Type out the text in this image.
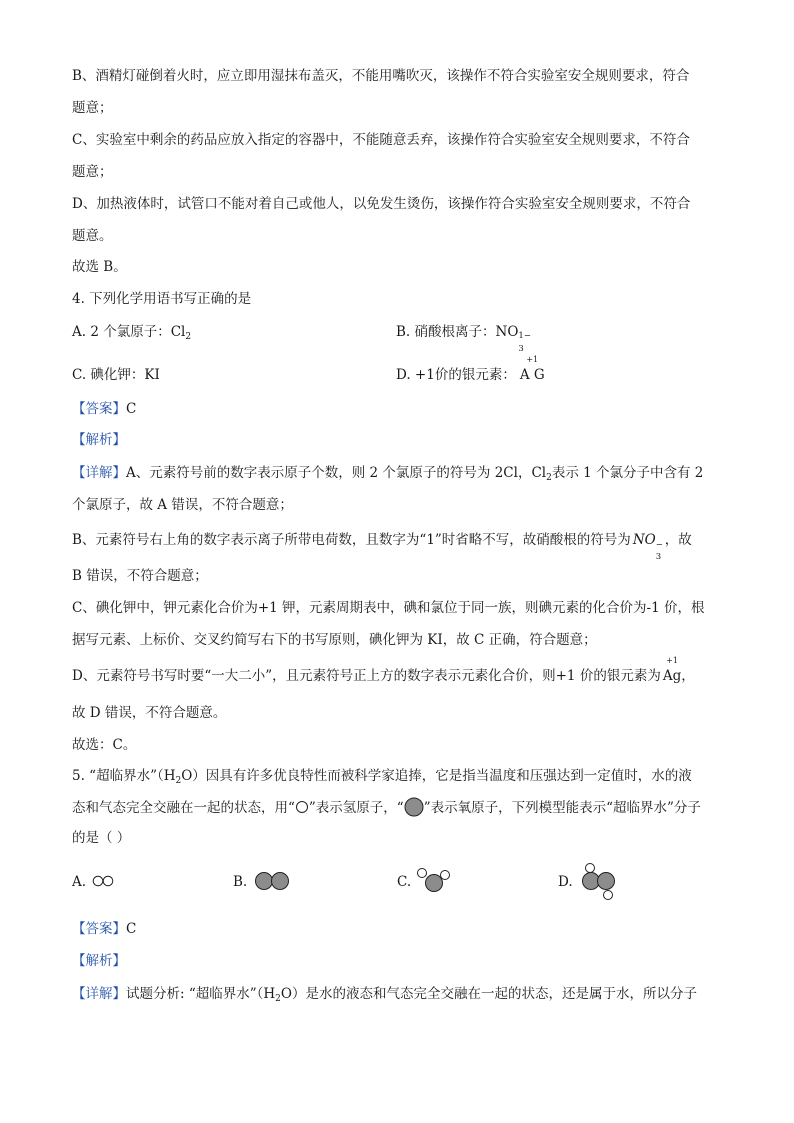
B、酒精灯碰倒着火时，应立即用湿抹布盖灭，不能用嘴吹灭，该操作不符合实验室安全规则要求，符合
题意；
C、实验室中剩余的药品应放入指定的容器中，不能随意丢弃，该操作符合实验室安全规则要求，不符合
题意；
D、加热液体时，试管口不能对着自己或他人，以免发生烫伤，该操作符合实验室安全规则要求，不符合
题意。
故选 B。
4. 下列化学用语书写正确的是
A. 2 个氯原子：$Cl_2$	B. 硝酸根离子：NO 1−
3
C. 碘化钾：KI	D. +1价的银元素：
+1
A G
【答案】C
【解析】
【详解】A、元素符号前的数字表示原子个数，则 2 个氯原子的符号为 2Cl，$Cl_2$表示 1 个氯分子中含有 2
个氯原子，故 A 错误，不符合题意；
B、元素符号右上角的数字表示离子所带电荷数，且数字为“1”时省略不写，故硝酸根的符号为 NO −
3
，故
B 错误，不符合题意；
C、碘化钾中，钾元素化合价为+1 钾，元素周期表中，碘和氯位于同一族，则碘元素的化合价为-1 价，根
据写元素、上标价、交叉约简写右下的书写原则，碘化钾为 KI，故 C 正确，符合题意；
D、元素符号书写时要“一大二小”，且元素符号正上方的数字表示元素化合价，则+1 价的银元素为
+1
Ag，
故 D 错误，不符合题意。
故选：C。
5. “超临界水$”(H_2O)$因具有许多优良特性而被科学家追捧，它是指当温度和压强达到一定值时，水的液
态和气态完全交融在一起的状态，用“ ”表示氢原子，“ ”表示氧原子，下列模型能表示“超临界水”分子
的是（ ）
A.	B.	C.	D.
【答案】C
【解析】
【详解】试题分析: “超临界水$”(H_2O)$是水的液态和气态完全交融在一起的状态，还是属于水，所以分子
